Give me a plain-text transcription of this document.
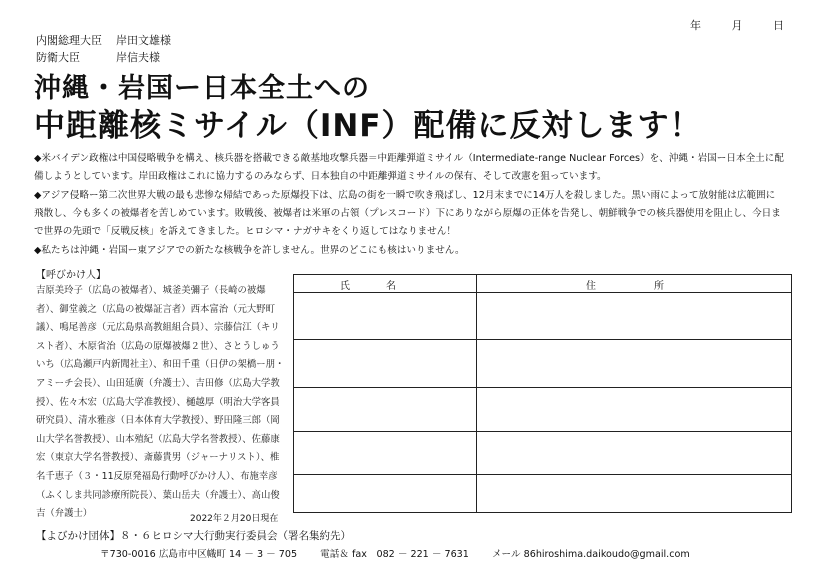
年	月	日
内閣総理大臣 岸田文雄様
防衛大臣	岸信夫様
沖縄・岩国ー日本全土への
中距離核ミサイル（INF）配備に反対します！
◆米バイデン政権は中国侵略戦争を構え、核兵器を搭載できる敵基地攻撃兵器＝中距離弾道ミサイル（Intermediate-range Nuclear Forces）を、沖縄・岩国ー日本全土に配備しようとしています。岸田政権はこれに協力するのみならず、日本独自の中距離弾道ミサイルの保有、そして改憲を狙っています。
◆アジア侵略ー第二次世界大戦の最も悲惨な帰結であった原爆投下は、広島の街を一瞬で吹き飛ばし、12月末までに14万人を殺しました。黒い雨によって放射能は広範囲に飛散し、今も多くの被爆者を苦しめています。敗戦後、被爆者は米軍の占領（プレスコード）下にありながら原爆の正体を告発し、朝鮮戦争での核兵器使用を阻止し、今日まで世界の先頭で「反戦反核」を訴えてきました。ヒロシマ・ナガサキをくり返してはなりません！
◆私たちは沖縄・岩国ー東アジアでの新たな核戦争を許しません。世界のどこにも核はいりません。
【呼びかけ人】
吉原美玲子（広島の被爆者）、城釜美彌子（長崎の被爆者）、御堂義之（広島の被爆証言者）西本富治（元大野町議）、鳴尾善彦（元広島県高教組組合員）、宗藤信江（キリスト者）、木原省治（広島の原爆被爆２世）、さとうしゅういち（広島瀬戸内新聞社主）、和田千重（日伊の架橋ー朋・アミーチ会長）、山田延廣（弁護士）、吉田修（広島大学教授）、佐々木宏（広島大学准教授）、樋越厚（明治大学客員研究員）、清水雅彦（日本体育大学教授）、野田隆三郎（岡山大学名誉教授）、山本殖紀（広島大学名誉教授）、佐藤康宏（東京大学名誉教授）、斎藤貴男（ジャーナリスト）、椎名千恵子（３・11反原発福島行動呼びかけ人）、布施幸彦（ふくしま共同診療所院長）、葉山岳夫（弁護士）、高山俊吉（弁護士）	2022年２月20日現在
氏名	住所
【よびかけ団体】８・６ヒロシマ大行動実行委員会（署名集約先）
〒730-0016 広島市中区幟町 14 － 3 － 705 電話＆ fax　082 － 221 － 7631 メール 86hiroshima.daikoudo@gmail.com
